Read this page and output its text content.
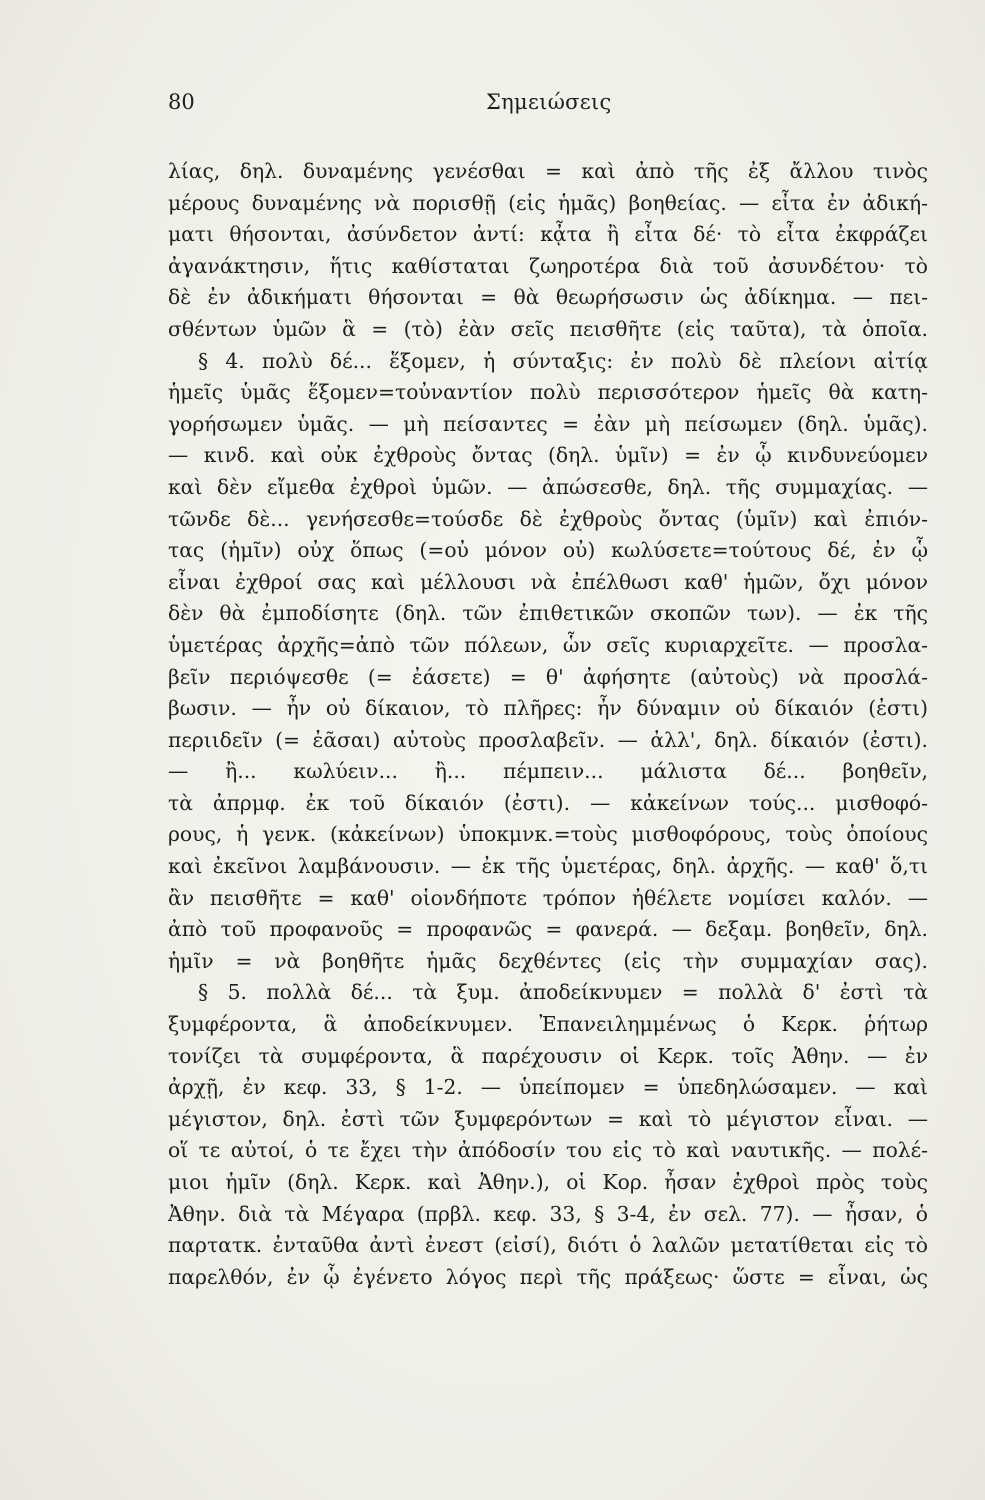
80	Σημειώσεις
λίας, δηλ. δυναμένης γενέσθαι = καὶ ἀπὸ τῆς ἐξ ἄλλου τινὸς
μέρους δυναμένης νὰ πορισθῇ (εἰς ἡμᾶς) βοηθείας. — εἶτα ἐν ἀδική-
ματι θήσονται, ἀσύνδετον ἀντί: κᾆτα ἢ εἶτα δέ· τὸ εἶτα ἐκφράζει
ἀγανάκτησιν, ἥτις καθίσταται ζωηροτέρα διὰ τοῦ ἀσυνδέτου· τὸ
δὲ ἐν ἀδικήματι θήσονται = θὰ θεωρήσωσιν ὡς ἀδίκημα. — πει-
σθέντων ὑμῶν ἃ = (τὸ) ἐὰν σεῖς πεισθῆτε (εἰς ταῦτα), τὰ ὁποῖα.
§ 4. πολὺ δέ... ἕξομεν, ἡ σύνταξις: ἐν πολὺ δὲ πλείονι αἰτίᾳ
ἡμεῖς ὑμᾶς ἕξομεν=τοὐναντίον πολὺ περισσότερον ἡμεῖς θὰ κατη-
γορήσωμεν ὑμᾶς. — μὴ πείσαντες = ἐὰν μὴ πείσωμεν (δηλ. ὑμᾶς).
— κινδ. καὶ οὐκ ἐχθροὺς ὄντας (δηλ. ὑμῖν) = ἐν ᾧ κινδυνεύομεν
καὶ δὲν εἴμεθα ἐχθροὶ ὑμῶν. — ἀπώσεσθε, δηλ. τῆς συμμαχίας. —
τῶνδε δὲ... γενήσεσθε=τούσδε δὲ ἐχθροὺς ὄντας (ὑμῖν) καὶ ἐπιόν-
τας (ἡμῖν) οὐχ ὅπως (=οὐ μόνον οὐ) κωλύσετε=τούτους δέ, ἐν ᾧ
εἶναι ἐχθροί σας καὶ μέλλουσι νὰ ἐπέλθωσι καθ' ἡμῶν, ὄχι μόνον
δὲν θὰ ἐμποδίσητε (δηλ. τῶν ἐπιθετικῶν σκοπῶν των). — ἐκ τῆς
ὑμετέρας ἀρχῆς=ἀπὸ τῶν πόλεων, ὧν σεῖς κυριαρχεῖτε. — προσλα-
βεῖν περιόψεσθε (= ἐάσετε) = θ' ἀφήσητε (αὐτοὺς) νὰ προσλά-
βωσιν. — ἦν οὐ δίκαιον, τὸ πλῆρες: ἦν δύναμιν οὐ δίκαιόν (ἐστι)
περιιδεῖν (= ἐᾶσαι) αὐτοὺς προσλαβεῖν. — ἀλλ', δηλ. δίκαιόν (ἐστι).
— ἢ... κωλύειν... ἢ... πέμπειν... μάλιστα δέ... βοηθεῖν,
τὰ ἀπρμφ. ἐκ τοῦ δίκαιόν (ἐστι). — κἀκείνων τούς... μισθοφό-
ρους, ἡ γενκ. (κἀκείνων) ὑποκμνκ.=τοὺς μισθοφόρους, τοὺς ὁποίους
καὶ ἐκεῖνοι λαμβάνουσιν. — ἐκ τῆς ὑμετέρας, δηλ. ἀρχῆς. — καθ' ὅ,τι
ἂν πεισθῆτε = καθ' οἱονδήποτε τρόπον ἠθέλετε νομίσει καλόν. —
ἀπὸ τοῦ προφανοῦς = προφανῶς = φανερά. — δεξαμ. βοηθεῖν, δηλ.
ἡμῖν = νὰ βοηθῆτε ἡμᾶς δεχθέντες (εἰς τὴν συμμαχίαν σας).
§ 5. πολλὰ δέ... τὰ ξυμ. ἀποδείκνυμεν = πολλὰ δ' ἐστὶ τὰ
ξυμφέροντα, ἃ ἀποδείκνυμεν. Ἐπανειλημμένως ὁ Κερκ. ῥήτωρ
τονίζει τὰ συμφέροντα, ἃ παρέχουσιν οἱ Κερκ. τοῖς Ἀθην. — ἐν
ἀρχῇ, ἐν κεφ. 33, § 1-2. — ὑπείπομεν = ὑπεδηλώσαμεν. — καὶ
μέγιστον, δηλ. ἐστὶ τῶν ξυμφερόντων = καὶ τὸ μέγιστον εἶναι. —
οἵ τε αὐτοί, ὁ τε ἔχει τὴν ἀπόδοσίν του εἰς τὸ καὶ ναυτικῆς. — πολέ-
μιοι ἡμῖν (δηλ. Κερκ. καὶ Ἀθην.), οἱ Κορ. ἦσαν ἐχθροὶ πρὸς τοὺς
Ἀθην. διὰ τὰ Μέγαρα (πρβλ. κεφ. 33, § 3-4, ἐν σελ. 77). — ἦσαν, ὁ
παρτατκ. ἐνταῦθα ἀντὶ ἐνεστ (εἰσί), διότι ὁ λαλῶν μετατίθεται εἰς τὸ
παρελθόν, ἐν ᾧ ἐγένετο λόγος περὶ τῆς πράξεως· ὥστε = εἶναι, ὡς
